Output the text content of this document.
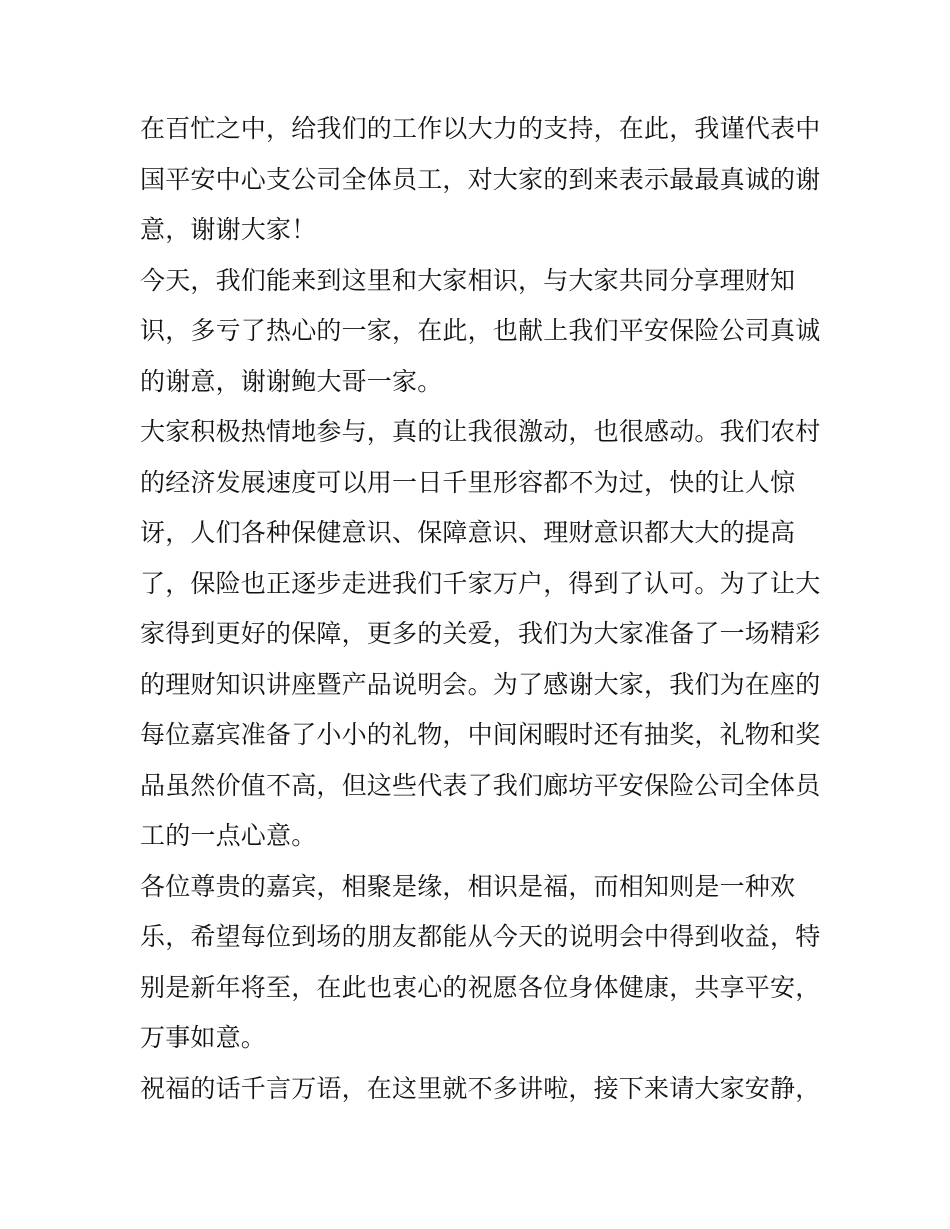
在百忙之中，给我们的工作以大力的支持，在此，我谨代表中
国平安中心支公司全体员工，对大家的到来表示最最真诚的谢
意，谢谢大家！
今天，我们能来到这里和大家相识，与大家共同分享理财知
识，多亏了热心的一家，在此，也献上我们平安保险公司真诚
的谢意，谢谢鲍大哥一家。
大家积极热情地参与，真的让我很激动，也很感动。我们农村
的经济发展速度可以用一日千里形容都不为过，快的让人惊
讶，人们各种保健意识、保障意识、理财意识都大大的提高
了，保险也正逐步走进我们千家万户，得到了认可。为了让大
家得到更好的保障，更多的关爱，我们为大家准备了一场精彩
的理财知识讲座暨产品说明会。为了感谢大家，我们为在座的
每位嘉宾准备了小小的礼物，中间闲暇时还有抽奖，礼物和奖
品虽然价值不高，但这些代表了我们廊坊平安保险公司全体员
工的一点心意。
各位尊贵的嘉宾，相聚是缘，相识是福，而相知则是一种欢
乐，希望每位到场的朋友都能从今天的说明会中得到收益，特
别是新年将至，在此也衷心的祝愿各位身体健康，共享平安，
万事如意。
祝福的话千言万语，在这里就不多讲啦，接下来请大家安静，
